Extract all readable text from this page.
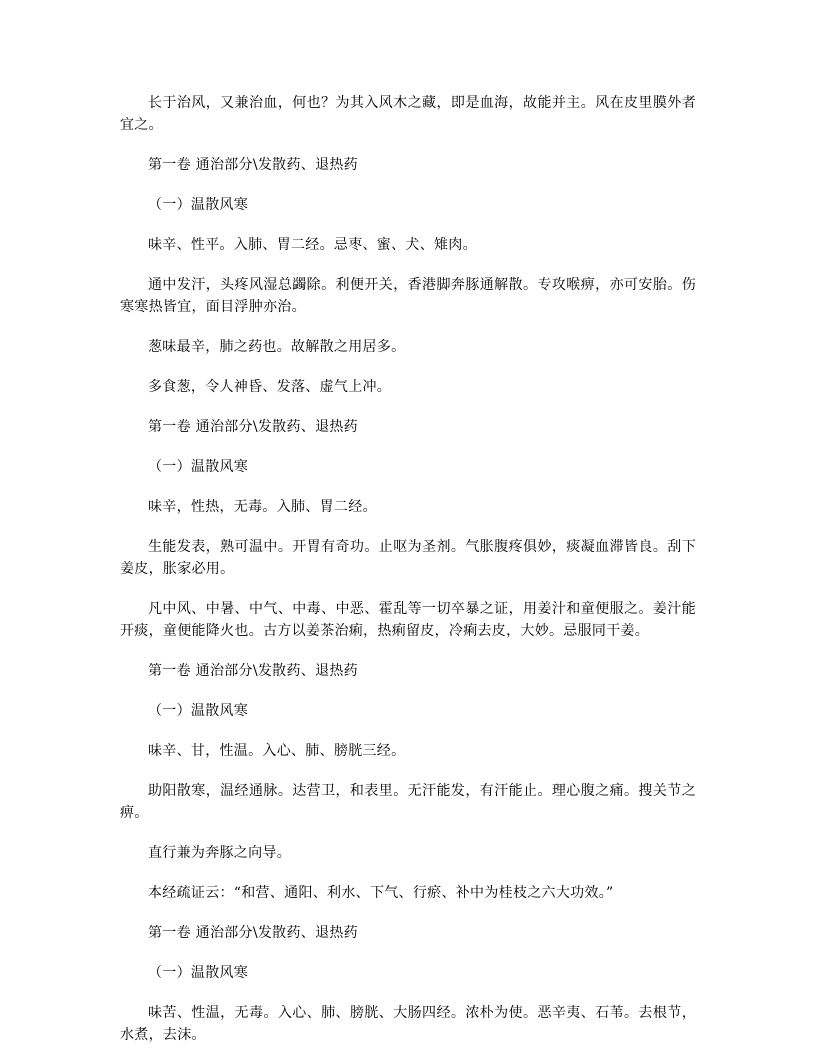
长于治风，又兼治血，何也？为其入风木之藏，即是血海，故能并主。风在皮里膜外者宜之。

第一卷 通治部分\发散药、退热药

（一）温散风寒

味辛、性平。入肺、胃二经。忌枣、蜜、犬、雉肉。

通中发汗，头疼风湿总蠲除。利便开关，香港脚奔豚通解散。专攻喉痹，亦可安胎。伤寒寒热皆宜，面目浮肿亦治。

葱味最辛，肺之药也。故解散之用居多。

多食葱，令人神昏、发落、虚气上冲。

第一卷 通治部分\发散药、退热药

（一）温散风寒

味辛，性热，无毒。入肺、胃二经。

生能发表，熟可温中。开胃有奇功。止呕为圣剂。气胀腹疼俱妙，痰凝血滞皆良。刮下姜皮，胀家必用。

凡中风、中暑、中气、中毒、中恶、霍乱等一切卒暴之证，用姜汁和童便服之。姜汁能开痰，童便能降火也。古方以姜茶治痢，热痢留皮，冷痢去皮，大妙。忌服同干姜。

第一卷 通治部分\发散药、退热药

（一）温散风寒

味辛、甘，性温。入心、肺、膀胱三经。

助阳散寒，温经通脉。达营卫，和表里。无汗能发，有汗能止。理心腹之痛。搜关节之痹。

直行兼为奔豚之向导。

本经疏证云：“和营、通阳、利水、下气、行瘀、补中为桂枝之六大功效。”

第一卷 通治部分\发散药、退热药

（一）温散风寒

味苦、性温，无毒。入心、肺、膀胱、大肠四经。浓朴为使。恶辛夷、石苇。去根节，水煮，去沫。
